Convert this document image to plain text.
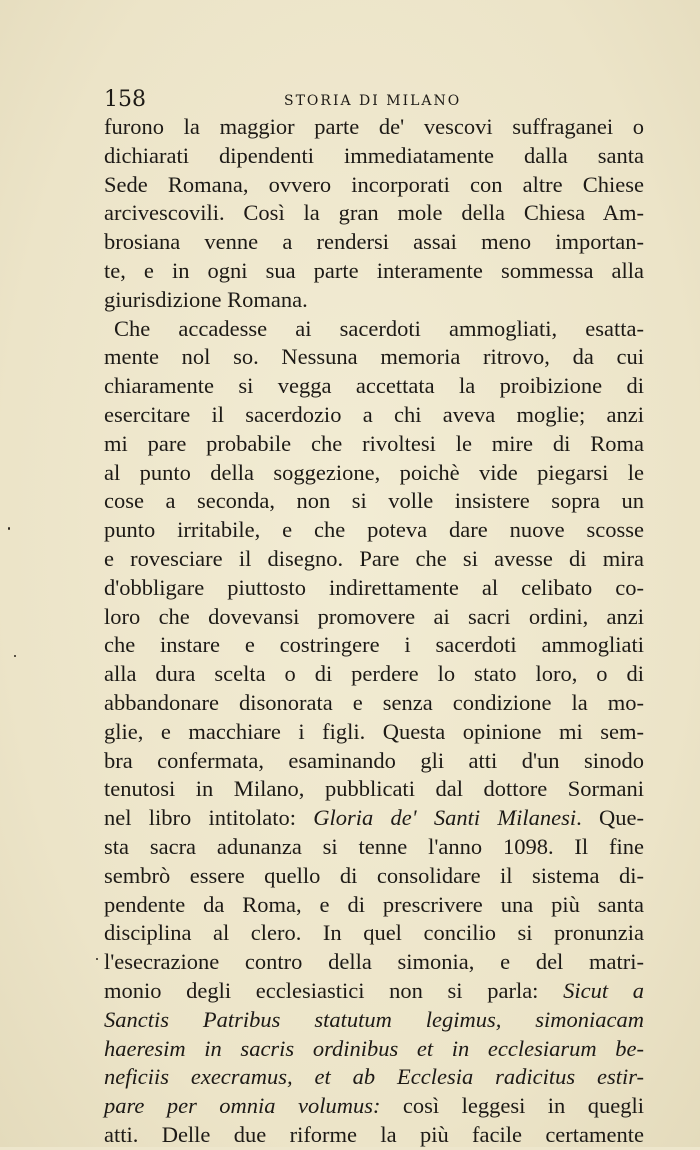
158	STORIA DI MILANO
furono la maggior parte de' vescovi suffraganei o
dichiarati dipendenti immediatamente dalla santa
Sede Romana, ovvero incorporati con altre Chiese
arcivescovili. Così la gran mole della Chiesa Am-
brosiana venne a rendersi assai meno importan-
te, e in ogni sua parte interamente sommessa alla
giurisdizione Romana.
Che accadesse ai sacerdoti ammogliati, esatta-
mente nol so. Nessuna memoria ritrovo, da cui
chiaramente si vegga accettata la proibizione di
esercitare il sacerdozio a chi aveva moglie; anzi
mi pare probabile che rivoltesi le mire di Roma
al punto della soggezione, poichè vide piegarsi le
cose a seconda, non si volle insistere sopra un
punto irritabile, e che poteva dare nuove scosse
e rovesciare il disegno. Pare che si avesse di mira
d'obbligare piuttosto indirettamente al celibato co-
loro che dovevansi promovere ai sacri ordini, anzi
che instare e costringere i sacerdoti ammogliati
alla dura scelta o di perdere lo stato loro, o di
abbandonare disonorata e senza condizione la mo-
glie, e macchiare i figli. Questa opinione mi sem-
bra confermata, esaminando gli atti d'un sinodo
tenutosi in Milano, pubblicati dal dottore Sormani
nel libro intitolato: Gloria de' Santi Milanesi. Que-
sta sacra adunanza si tenne l'anno 1098. Il fine
sembrò essere quello di consolidare il sistema di-
pendente da Roma, e di prescrivere una più santa
disciplina al clero. In quel concilio si pronunzia
l'esecrazione contro della simonia, e del matri-
monio degli ecclesiastici non si parla: Sicut a
Sanctis Patribus statutum legimus, simoniacam
haeresim in sacris ordinibus et in ecclesiarum be-
neficiis execramus, et ab Ecclesia radicitus estir-
pare per omnia volumus: così leggesi in quegli
atti. Delle due riforme la più facile certamente
